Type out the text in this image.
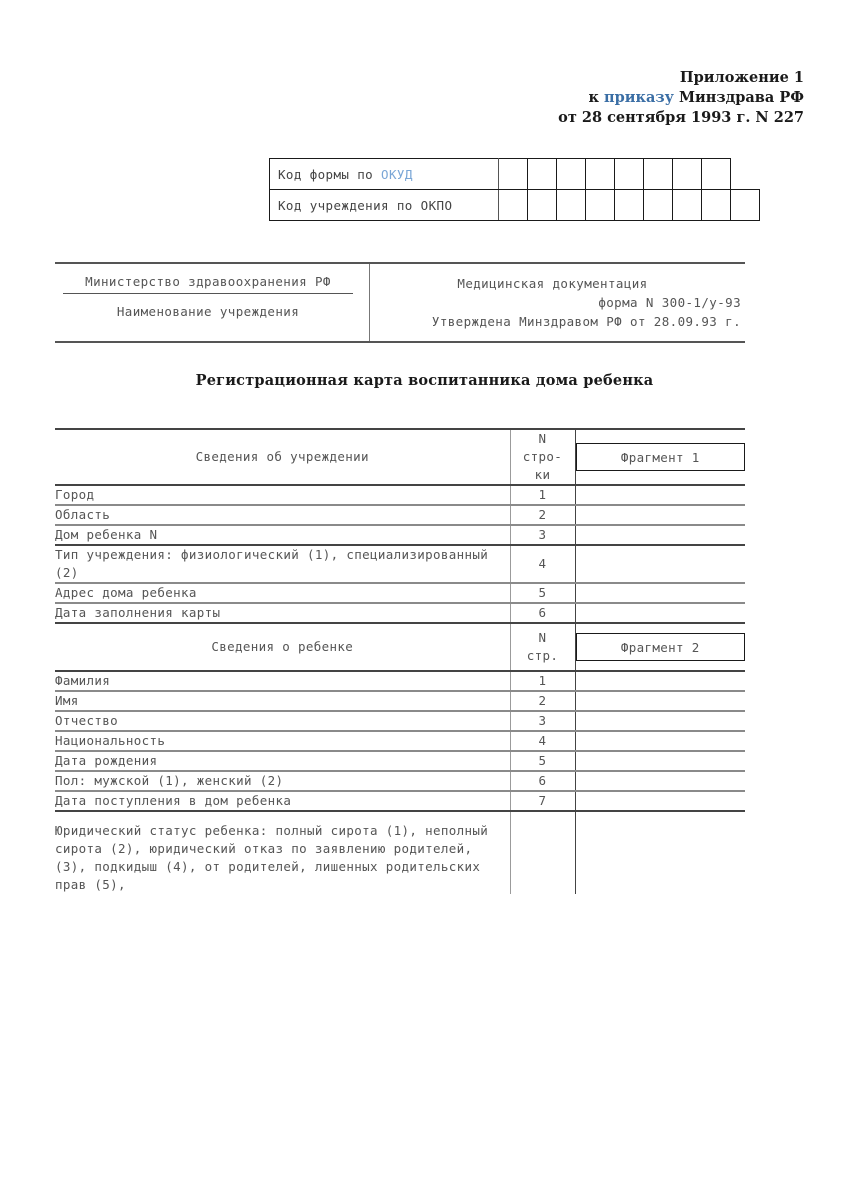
Приложение 1
к приказу Минздрава РФ
от 28 сентября 1993 г. N 227
Код формы по ОКУД									
Код учреждения по ОКПО									
Министерство здравоохранения РФ
Наименование учреждения
Медицинская документация
форма N 300-1/у-93
Утверждена Минздравом РФ от 28.09.93 г.
Регистрационная карта воспитанника дома ребенка
Сведения об учреждении	N
стро-
ки	Фрагмент 1

Город	1	
Область	2	
Дом ребенка N	3	
Тип учреждения: физиологический (1), специализированный (2)	4	
Адрес дома ребенка	5	
Дата заполнения карты	6	
Сведения о ребенке	N
стр.	Фрагмент 2

Фамилия	1	
Имя	2	
Отчество	3	
Национальность	4	
Дата рождения	5	
Пол: мужской (1), женский (2)	6	
Дата поступления в дом ребенка	7	
Юридический статус ребенка: полный сирота (1), неполный сирота (2), юридический отказ по заявлению родителей, (3), подкидыш (4), от родителей, лишенных родительских прав (5),		
